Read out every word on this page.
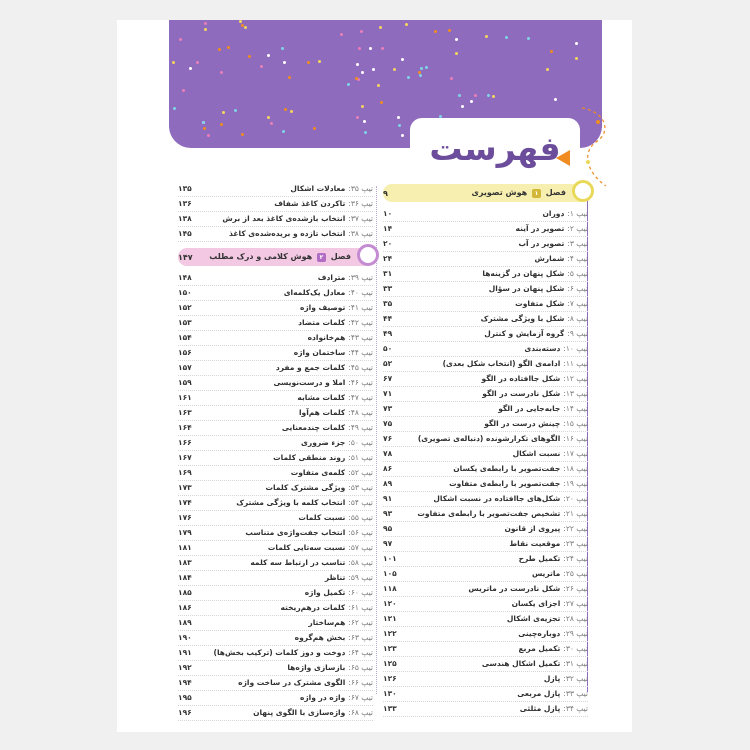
فهرست
فصل ۱ هوش تصویری
۹
تیپ ۱:
دوران
۱۰
تیپ ۲:
تصویر در آینه
۱۴
تیپ ۳:
تصویر در آب
۲۰
تیپ ۴:
شمارش
۲۴
تیپ ۵:
شکل پنهان در گزینه‌ها
۳۱
تیپ ۶:
شکل پنهان در سؤال
۳۳
تیپ ۷:
شکل متفاوت
۳۵
تیپ ۸:
شکل با ویژگی مشترک
۴۴
تیپ ۹:
گروه آزمایش و کنترل
۴۹
تیپ ۱۰:
دسته‌بندی
۵۰
تیپ ۱۱:
ادامه‌ی الگو (انتخاب شکل بعدی)
۵۲
تیپ ۱۲:
شکل جاافتاده در الگو
۶۷
تیپ ۱۳:
شکل نادرست در الگو
۷۱
تیپ ۱۴:
جابه‌جایی در الگو
۷۳
تیپ ۱۵:
چینش درست در الگو
۷۵
تیپ ۱۶:
الگوهای تکرارشونده (دنباله‌ی تصویری)
۷۶
تیپ ۱۷:
نسبت اشکال
۷۸
تیپ ۱۸:
جفت‌تصویر با رابطه‌ی یکسان
۸۶
تیپ ۱۹:
جفت‌تصویر با رابطه‌ی متفاوت
۸۹
تیپ ۲۰:
شکل‌های جاافتاده در نسبت اشکال
۹۱
تیپ ۲۱:
تشخیص جفت‌تصویر با رابطه‌ی متفاوت
۹۳
تیپ ۲۲:
پیروی از قانون
۹۵
تیپ ۲۳:
موقعیت نقاط
۹۷
تیپ ۲۴:
تکمیل طرح
۱۰۱
تیپ ۲۵:
ماتریس
۱۰۵
تیپ ۲۶:
شکل نادرست در ماتریس
۱۱۸
تیپ ۲۷:
اجزای یکسان
۱۲۰
تیپ ۲۸:
تجزیه‌ی اشکال
۱۲۱
تیپ ۲۹:
دوباره‌چینی
۱۲۲
تیپ ۳۰:
تکمیل مربع
۱۲۳
تیپ ۳۱:
تکمیل اشکال هندسی
۱۲۵
تیپ ۳۲:
پازل
۱۲۶
تیپ ۳۳:
پازل مربعی
۱۳۰
تیپ ۳۴:
پازل مثلثی
۱۳۳
تیپ ۳۵:
معادلات اشکال
۱۳۵
تیپ ۳۶:
تاکردن کاغذ شفاف
۱۳۶
تیپ ۳۷:
انتخاب بازشده‌ی کاغذ بعد از برش
۱۳۸
تیپ ۳۸:
انتخاب تازده و بریده‌شده‌ی کاغذ
۱۴۵
فصل ۲ هوش کلامی و درک مطلب
۱۴۷
تیپ ۳۹:
مترادف
۱۴۸
تیپ ۴۰:
معادل یک‌کلمه‌ای
۱۵۰
تیپ ۴۱:
توصیف واژه
۱۵۲
تیپ ۴۲:
کلمات متضاد
۱۵۳
تیپ ۴۳:
هم‌خانواده
۱۵۴
تیپ ۴۴:
ساختمان واژه
۱۵۶
تیپ ۴۵:
کلمات جمع و مفرد
۱۵۷
تیپ ۴۶:
املا و درست‌نویسی
۱۵۹
تیپ ۴۷:
کلمات مشابه
۱۶۱
تیپ ۴۸:
کلمات هم‌آوا
۱۶۳
تیپ ۴۹:
کلمات چندمعنایی
۱۶۴
تیپ ۵۰:
جزء ضروری
۱۶۶
تیپ ۵۱:
روند منطقی کلمات
۱۶۷
تیپ ۵۲:
کلمه‌ی متفاوت
۱۶۹
تیپ ۵۳:
ویژگی مشترک کلمات
۱۷۳
تیپ ۵۴:
انتخاب کلمه با ویژگی مشترک
۱۷۴
تیپ ۵۵:
نسبت کلمات
۱۷۶
تیپ ۵۶:
انتخاب جفت‌واژه‌ی متناسب
۱۷۹
تیپ ۵۷:
نسبت سه‌تایی کلمات
۱۸۱
تیپ ۵۸:
تناسب در ارتباط سه کلمه
۱۸۳
تیپ ۵۹:
تناظر
۱۸۴
تیپ ۶۰:
تکمیل واژه
۱۸۵
تیپ ۶۱:
کلمات درهم‌ریخته
۱۸۶
تیپ ۶۲:
هم‌ساختار
۱۸۹
تیپ ۶۳:
بخش هم‌گروه
۱۹۰
تیپ ۶۴:
دوخت و دوز کلمات (ترکیب بخش‌ها)
۱۹۱
تیپ ۶۵:
بازسازی واژه‌ها
۱۹۲
تیپ ۶۶:
الگوی مشترک در ساخت واژه
۱۹۴
تیپ ۶۷:
واژه در واژه
۱۹۵
تیپ ۶۸:
واژه‌سازی با الگوی پنهان
۱۹۶
